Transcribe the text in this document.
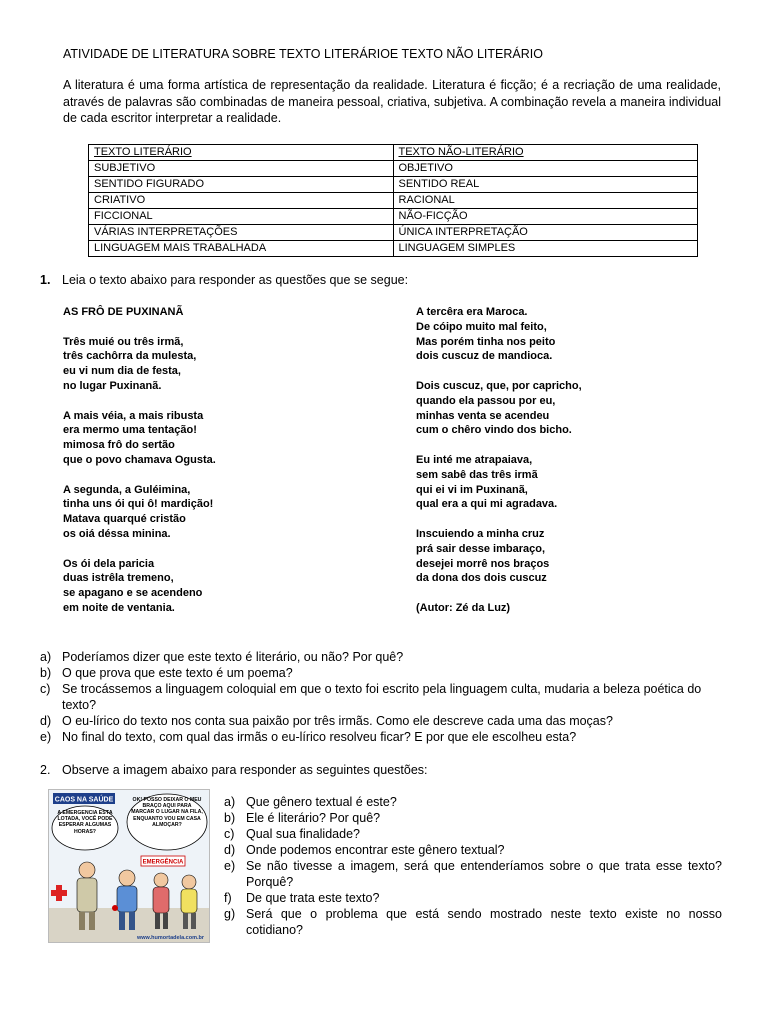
ATIVIDADE DE LITERATURA SOBRE TEXTO LITERÁRIOE TEXTO NÃO LITERÁRIO
A literatura é uma forma artística de representação da realidade. Literatura é ficção; é a recriação de uma realidade, através de palavras são combinadas de maneira pessoal, criativa, subjetiva. A combinação revela a maneira individual de cada escritor interpretar a realidade.
TEXTO LITERÁRIO	TEXTO NÃO-LITERÁRIO
SUBJETIVO	OBJETIVO
SENTIDO FIGURADO	SENTIDO REAL
CRIATIVO	RACIONAL
FICCIONAL	NÃO-FICÇÃO
VÁRIAS INTERPRETAÇÕES	ÚNICA INTERPRETAÇÃO
LINGUAGEM MAIS TRABALHADA	LINGUAGEM SIMPLES
1. Leia o texto abaixo para responder as questões que se segue:
AS FRÔ DE PUXINANÃ
Três muié ou três irmã,
três cachôrra da mulesta,
eu vi num dia de festa,
no lugar Puxinanã.
A mais véia, a mais ribusta
era mermo uma tentação!
mimosa frô do sertão
que o povo chamava Ogusta.
A segunda, a Guléimina,
tinha uns ói qui ô! mardição!
Matava quarqué cristão
os oiá déssa minina.
Os ói dela paricia
duas istrêla tremeno,
se apagano e se acendeno
em noite de ventania.
A tercêra era Maroca.
De cóipo muito mal feito,
Mas porém tinha nos peito
dois cuscuz de mandioca.
Dois cuscuz, que, por capricho,
quando ela passou por eu,
minhas venta se acendeu
cum o chêro vindo dos bicho.
Eu inté me atrapaiava,
sem sabê das três irmã
qui ei vi im Puxinanã,
qual era a qui mi agradava.
Inscuiendo a minha cruz
prá sair desse imbaraço,
desejei morrê nos braços
da dona dos dois cuscuz
(Autor: Zé da Luz)
a) Poderíamos dizer que este texto é literário, ou não? Por quê?
b) O que prova que este texto é um poema?
c) Se trocássemos a linguagem coloquial em que o texto foi escrito pela linguagem culta, mudaria a beleza poética do texto?
d) O eu-lírico do texto nos conta sua paixão por três irmãs. Como ele descreve cada uma das moças?
e) No final do texto, com qual das irmãs o eu-lírico resolveu ficar? E por que ele escolheu esta?
2. Observe a imagem abaixo para responder as seguintes questões:
CAOS NA SAÚDE
A EMERGÊNCIA ESTÁ LOTADA, VOCÊ PODE ESPERAR ALGUMAS HORAS?
OK! POSSO DEIXAR O MEU BRAÇO AQUI PARA MARCAR O LUGAR NA FILA, ENQUANTO VOU EM CASA ALMOÇAR?
EMERGÊNCIA
www.humortadela.com.br
a) Que gênero textual é este?
b) Ele é literário? Por quê?
c) Qual sua finalidade?
d) Onde podemos encontrar este gênero textual?
e) Se não tivesse a imagem, será que entenderíamos sobre o que trata esse texto? Porquê?
f)	De que trata este texto?
g) Será que o problema que está sendo mostrado neste texto existe no nosso cotidiano?
